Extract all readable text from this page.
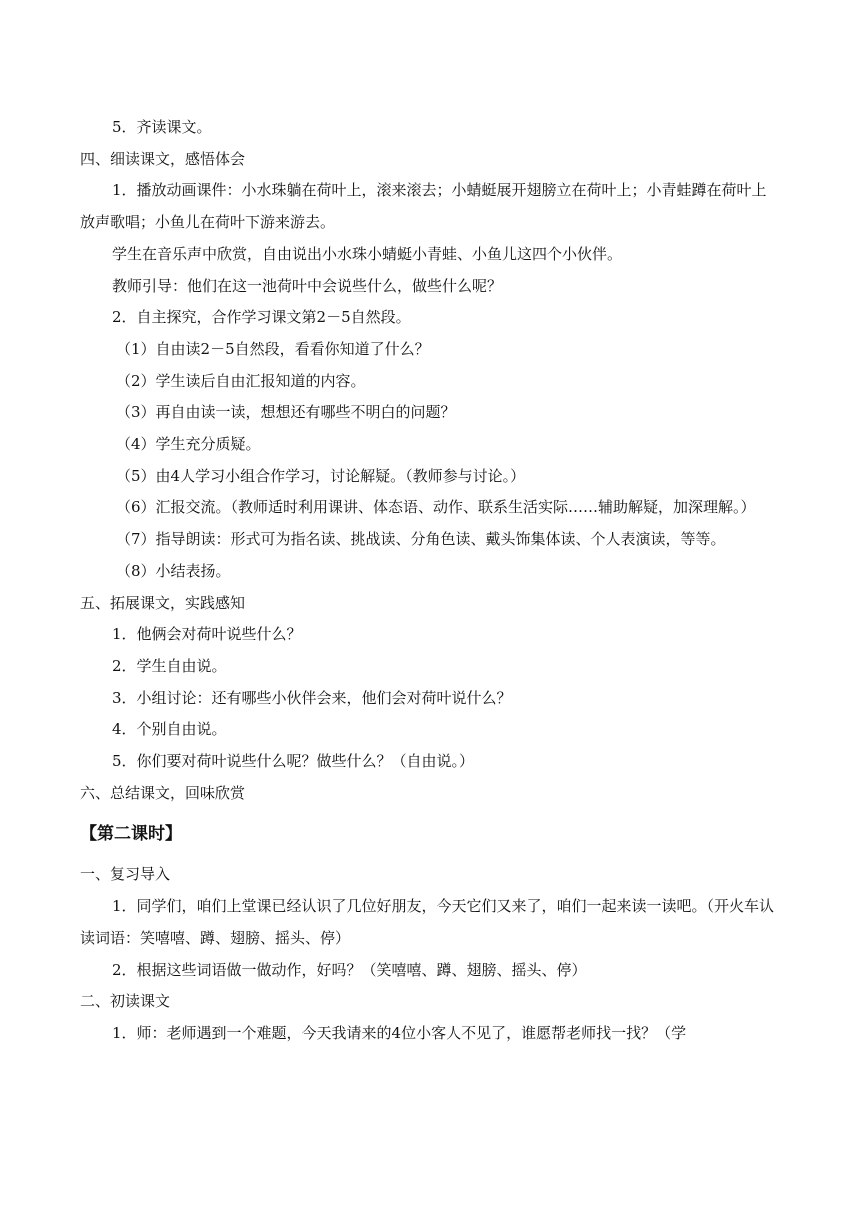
5．齐读课文。

四、细读课文，感悟体会

1．播放动画课件：小水珠躺在荷叶上，滚来滚去；小蜻蜓展开翅膀立在荷叶上；小青蛙蹲在荷叶上放声歌唱；小鱼儿在荷叶下游来游去。

学生在音乐声中欣赏，自由说出小水珠小蜻蜓小青蛙、小鱼儿这四个小伙伴。

教师引导：他们在这一池荷叶中会说些什么，做些什么呢？

2．自主探究，合作学习课文第2－5自然段。

（1）自由读2－5自然段，看看你知道了什么？

（2）学生读后自由汇报知道的内容。

（3）再自由读一读，想想还有哪些不明白的问题？

（4）学生充分质疑。

（5）由4人学习小组合作学习，讨论解疑。（教师参与讨论。）

（6）汇报交流。（教师适时利用课讲、体态语、动作、联系生活实际……辅助解疑，加深理解。）

（7）指导朗读：形式可为指名读、挑战读、分角色读、戴头饰集体读、个人表演读，等等。

（8）小结表扬。

五、拓展课文，实践感知

1．他俩会对荷叶说些什么？

2．学生自由说。

3．小组讨论：还有哪些小伙伴会来，他们会对荷叶说什么？

4．个别自由说。

5．你们要对荷叶说些什么呢？做些什么？（自由说。）

六、总结课文，回味欣赏

【第二课时】

一、复习导入

1．同学们，咱们上堂课已经认识了几位好朋友，今天它们又来了，咱们一起来读一读吧。（开火车认读词语：笑嘻嘻、蹲、翅膀、摇头、停）

2．根据这些词语做一做动作，好吗？（笑嘻嘻、蹲、翅膀、摇头、停）

二、初读课文

1．师：老师遇到一个难题，今天我请来的4位小客人不见了，谁愿帮老师找一找？（学
